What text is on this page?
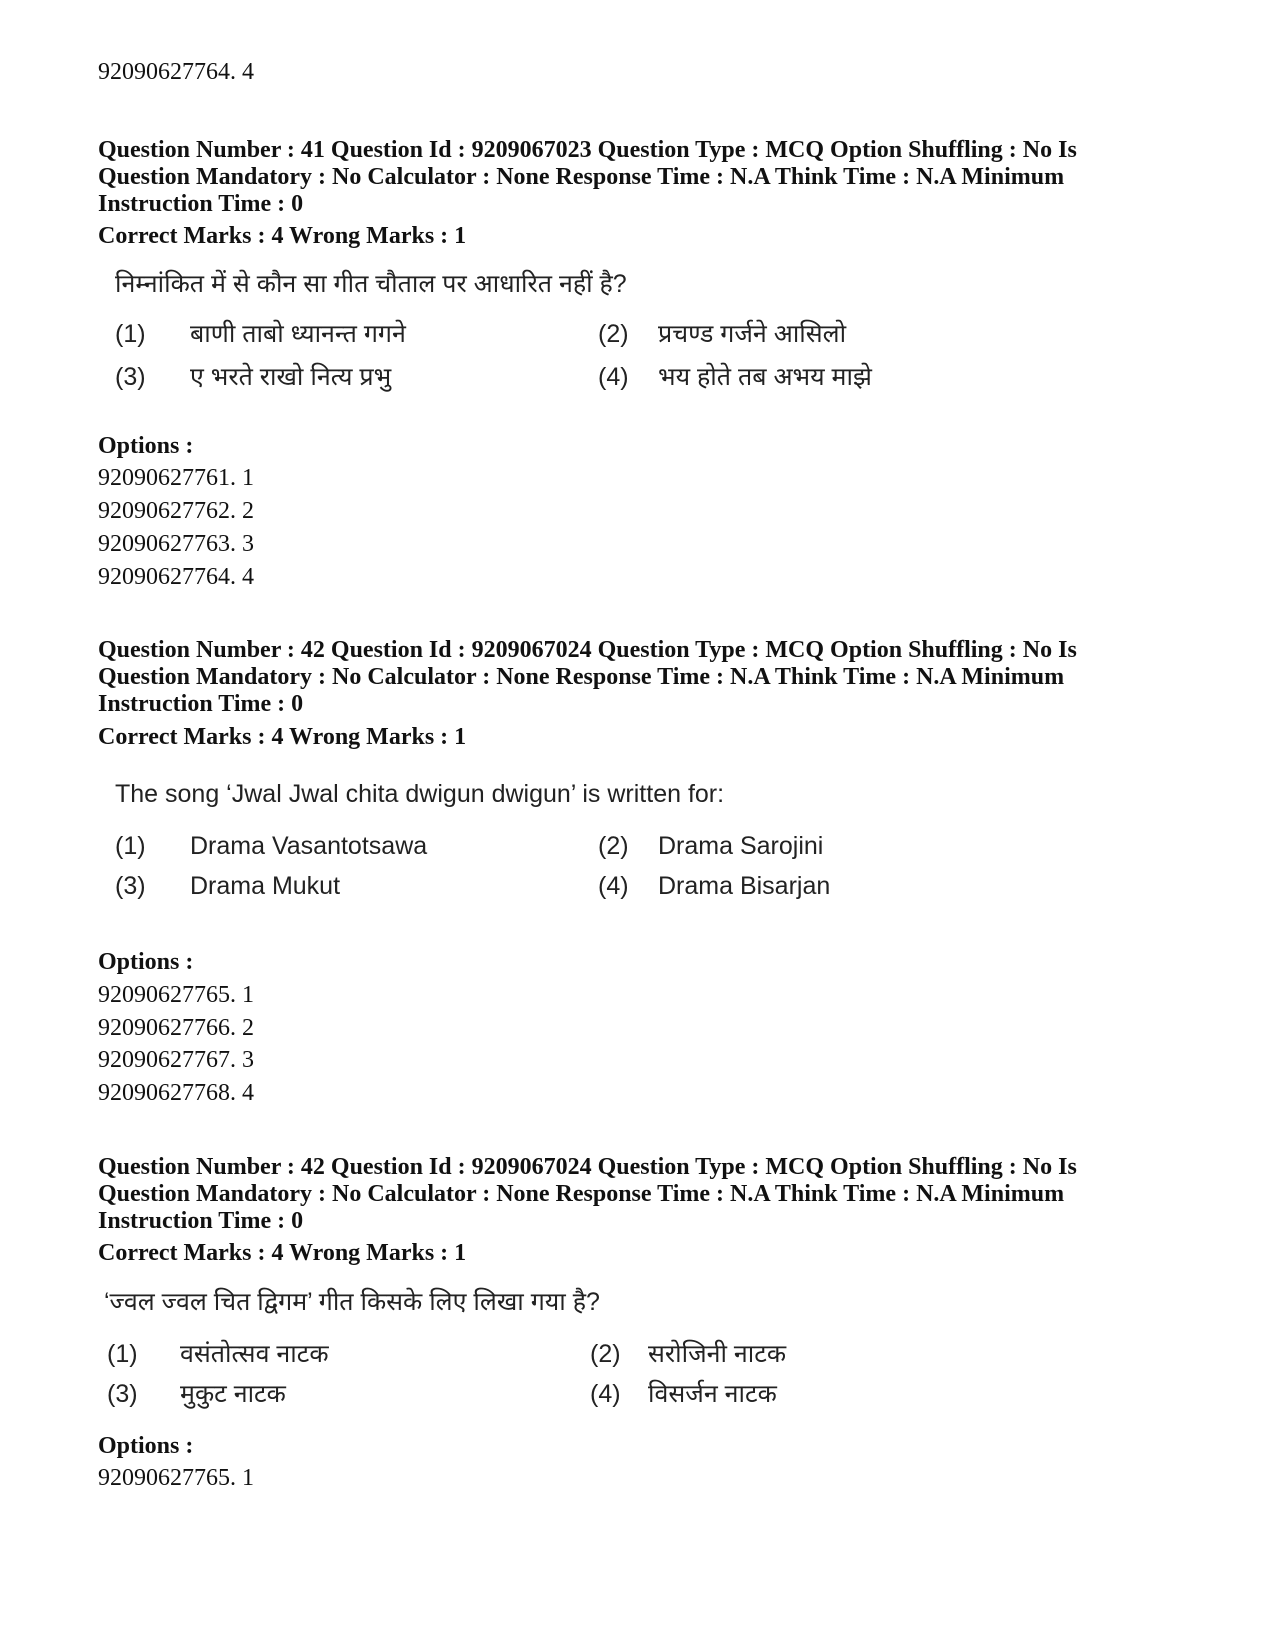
92090627764. 4
Question Number : 41 Question Id : 9209067023 Question Type : MCQ Option Shuffling : No Is
Question Mandatory : No Calculator : None Response Time : N.A Think Time : N.A Minimum
Instruction Time : 0
Correct Marks : 4 Wrong Marks : 1
निम्नांकित में से कौन सा गीत चौताल पर आधारित नहीं है?
(1) बाणी ताबो ध्यानन्त गगने	(2) प्रचण्ड गर्जने आसिलो
(3) ए भरते राखो नित्य प्रभु	(4) भय होते तब अभय माझे
Options :
92090627761. 1
92090627762. 2
92090627763. 3
92090627764. 4
Question Number : 42 Question Id : 9209067024 Question Type : MCQ Option Shuffling : No Is
Question Mandatory : No Calculator : None Response Time : N.A Think Time : N.A Minimum
Instruction Time : 0
Correct Marks : 4 Wrong Marks : 1
The song ‘Jwal Jwal chita dwigun dwigun’ is written for:
(1) Drama Vasantotsawa	(2) Drama Sarojini
(3) Drama Mukut	(4) Drama Bisarjan
Options :
92090627765. 1
92090627766. 2
92090627767. 3
92090627768. 4
Question Number : 42 Question Id : 9209067024 Question Type : MCQ Option Shuffling : No Is
Question Mandatory : No Calculator : None Response Time : N.A Think Time : N.A Minimum
Instruction Time : 0
Correct Marks : 4 Wrong Marks : 1
‘ज्वल ज्वल चित द्विगम’ गीत किसके लिए लिखा गया है?
(1) वसंतोत्सव नाटक	(2) सरोजिनी नाटक
(3) मुकुट नाटक	(4) विसर्जन नाटक
Options :
92090627765. 1
